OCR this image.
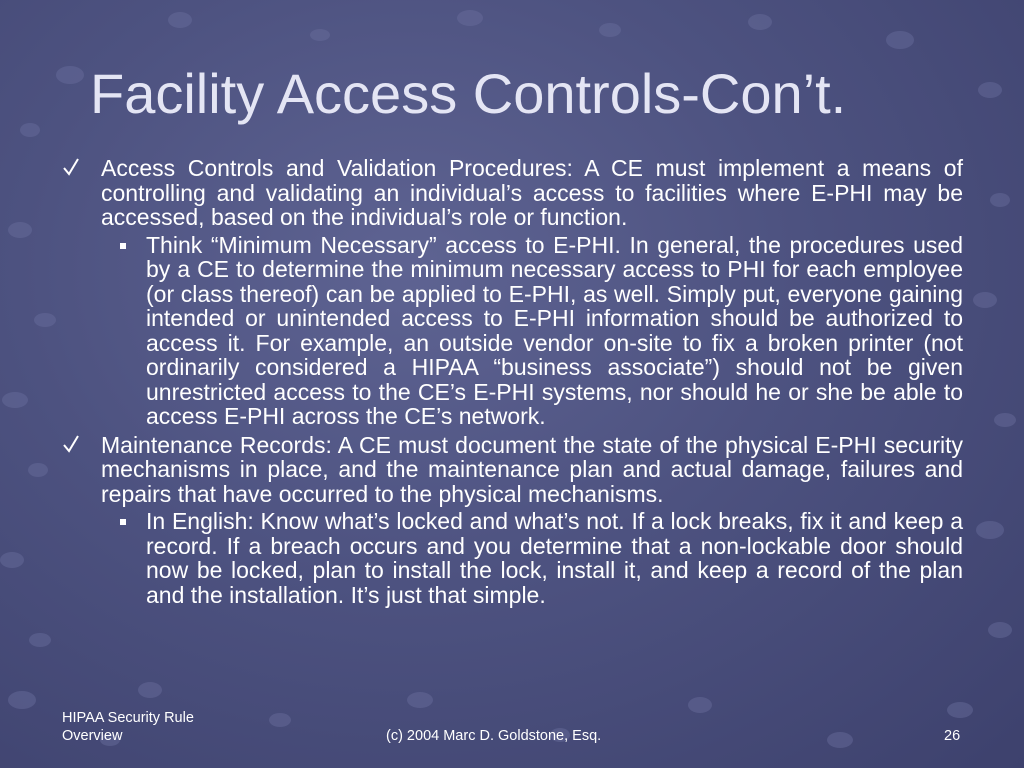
Facility Access Controls-Con’t.
Access Controls and Validation Procedures: A CE must implement a means of controlling and validating an individual’s access to facilities where E-PHI may be accessed, based on the individual’s role or function.
Think “Minimum Necessary” access to E-PHI. In general, the procedures used by a CE to determine the minimum necessary access to PHI for each employee (or class thereof) can be applied to E-PHI, as well. Simply put, everyone gaining intended or unintended access to E-PHI information should be authorized to access it. For example, an outside vendor on-site to fix a broken printer (not ordinarily considered a HIPAA “business associate”) should not be given unrestricted access to the CE’s E-PHI systems, nor should he or she be able to access E-PHI across the CE’s network.
Maintenance Records: A CE must document the state of the physical E-PHI security mechanisms in place, and the maintenance plan and actual damage, failures and repairs that have occurred to the physical mechanisms.
In English: Know what’s locked and what’s not. If a lock breaks, fix it and keep a record. If a breach occurs and you determine that a non-lockable door should now be locked, plan to install the lock, install it, and keep a record of the plan and the installation. It’s just that simple.
HIPAA Security Rule
Overview	(c) 2004 Marc D. Goldstone, Esq.	26
